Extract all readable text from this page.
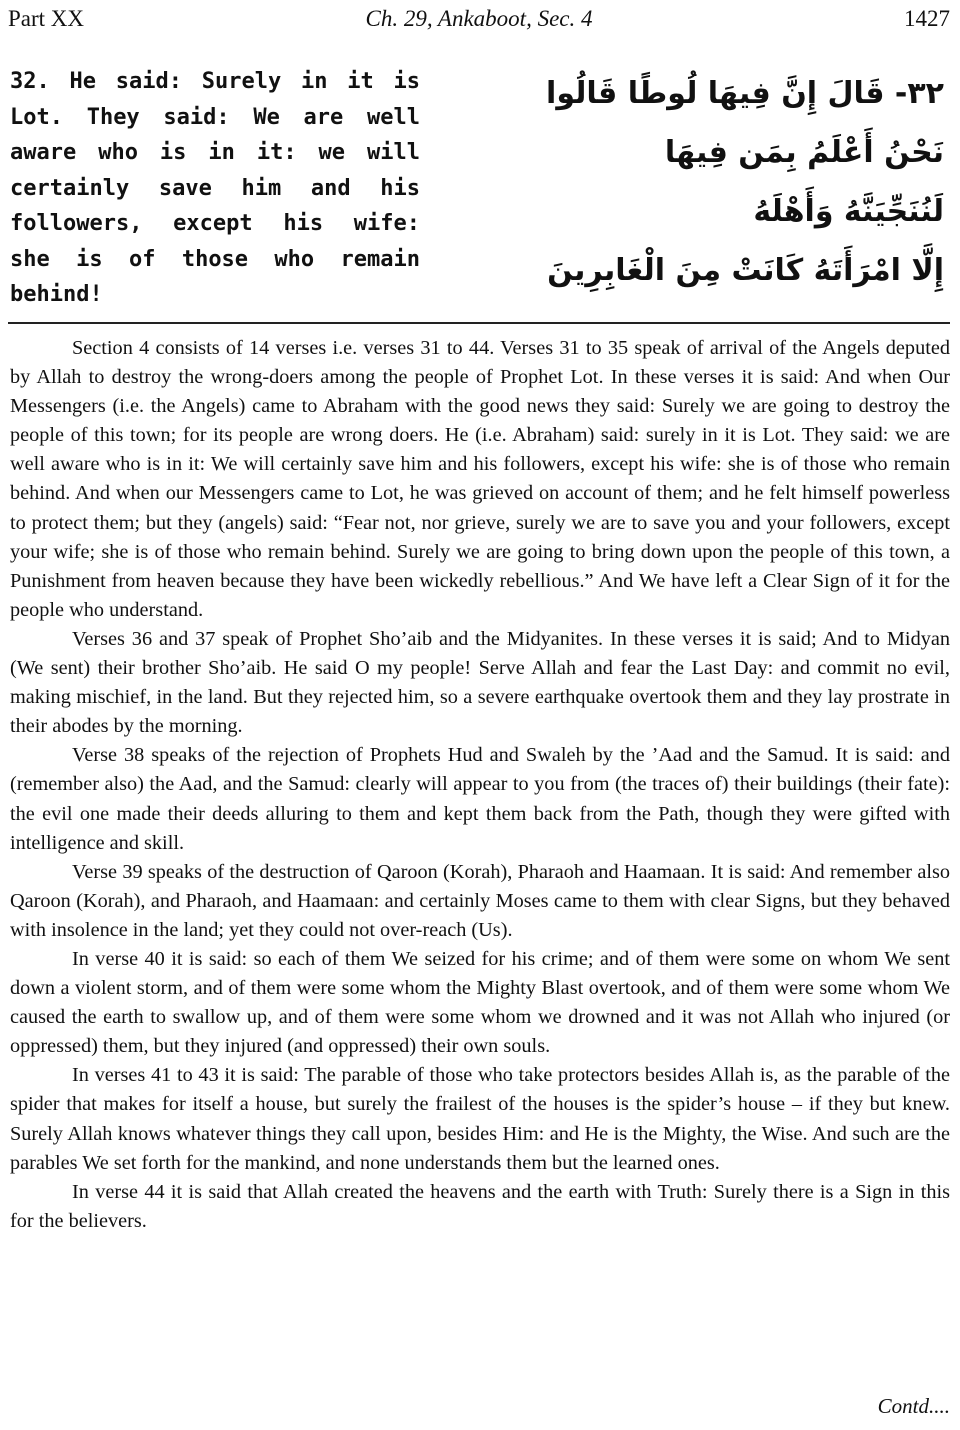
Part XX	Ch. 29, Ankaboot, Sec. 4	1427
32. He said: Surely in it is Lot. They said: We are well aware who is in it: we will certainly save him and his followers, except his wife: she is of those who remain behind!
٣٢- قَالَ إِنَّ فِيهَا لُوطًا قَالُوا
نَحْنُ أَعْلَمُ بِمَن فِيهَا
لَنُنَجِّيَنَّهُ وَأَهْلَهُ
إِلَّا امْرَأَتَهُ كَانَتْ مِنَ الْغَابِرِينَ

Section 4 consists of 14 verses i.e. verses 31 to 44. Verses 31 to 35 speak of arrival of the Angels deputed by Allah to destroy the wrong-doers among the people of Prophet Lot. In these verses it is said: And when Our Messengers (i.e. the Angels) came to Abraham with the good news they said: Surely we are going to destroy the people of this town; for its people are wrong doers. He (i.e. Abraham) said: surely in it is Lot. They said: we are well aware who is in it: We will certainly save him and his followers, except his wife: she is of those who remain behind. And when our Messengers came to Lot, he was grieved on account of them; and he felt himself powerless to protect them; but they (angels) said: “Fear not, nor grieve, surely we are to save you and your followers, except your wife; she is of those who remain behind. Surely we are going to bring down upon the people of this town, a Punishment from heaven because they have been wickedly rebellious.” And We have left a Clear Sign of it for the people who understand.

Verses 36 and 37 speak of Prophet Sho’aib and the Midyanites. In these verses it is said; And to Midyan (We sent) their brother Sho’aib. He said O my people! Serve Allah and fear the Last Day: and commit no evil, making mischief, in the land. But they rejected him, so a severe earthquake overtook them and they lay prostrate in their abodes by the morning.

Verse 38 speaks of the rejection of Prophets Hud and Swaleh by the ’Aad and the Samud. It is said: and (remember also) the Aad, and the Samud: clearly will appear to you from (the traces of) their buildings (their fate): the evil one made their deeds alluring to them and kept them back from the Path, though they were gifted with intelligence and skill.

Verse 39 speaks of the destruction of Qaroon (Korah), Pharaoh and Haamaan. It is said: And remember also Qaroon (Korah), and Pharaoh, and Haamaan: and certainly Moses came to them with clear Signs, but they behaved with insolence in the land; yet they could not over-reach (Us).

In verse 40 it is said: so each of them We seized for his crime; and of them were some on whom We sent down a violent storm, and of them were some whom the Mighty Blast overtook, and of them were some whom We caused the earth to swallow up, and of them were some whom we drowned and it was not Allah who injured (or oppressed) them, but they injured (and oppressed) their own souls.

In verses 41 to 43 it is said: The parable of those who take protectors besides Allah is, as the parable of the spider that makes for itself a house, but surely the frailest of the houses is the spider’s house – if they but knew. Surely Allah knows whatever things they call upon, besides Him: and He is the Mighty, the Wise. And such are the parables We set forth for the mankind, and none understands them but the learned ones.

In verse 44 it is said that Allah created the heavens and the earth with Truth: Surely there is a Sign in this for the believers.

Contd....
